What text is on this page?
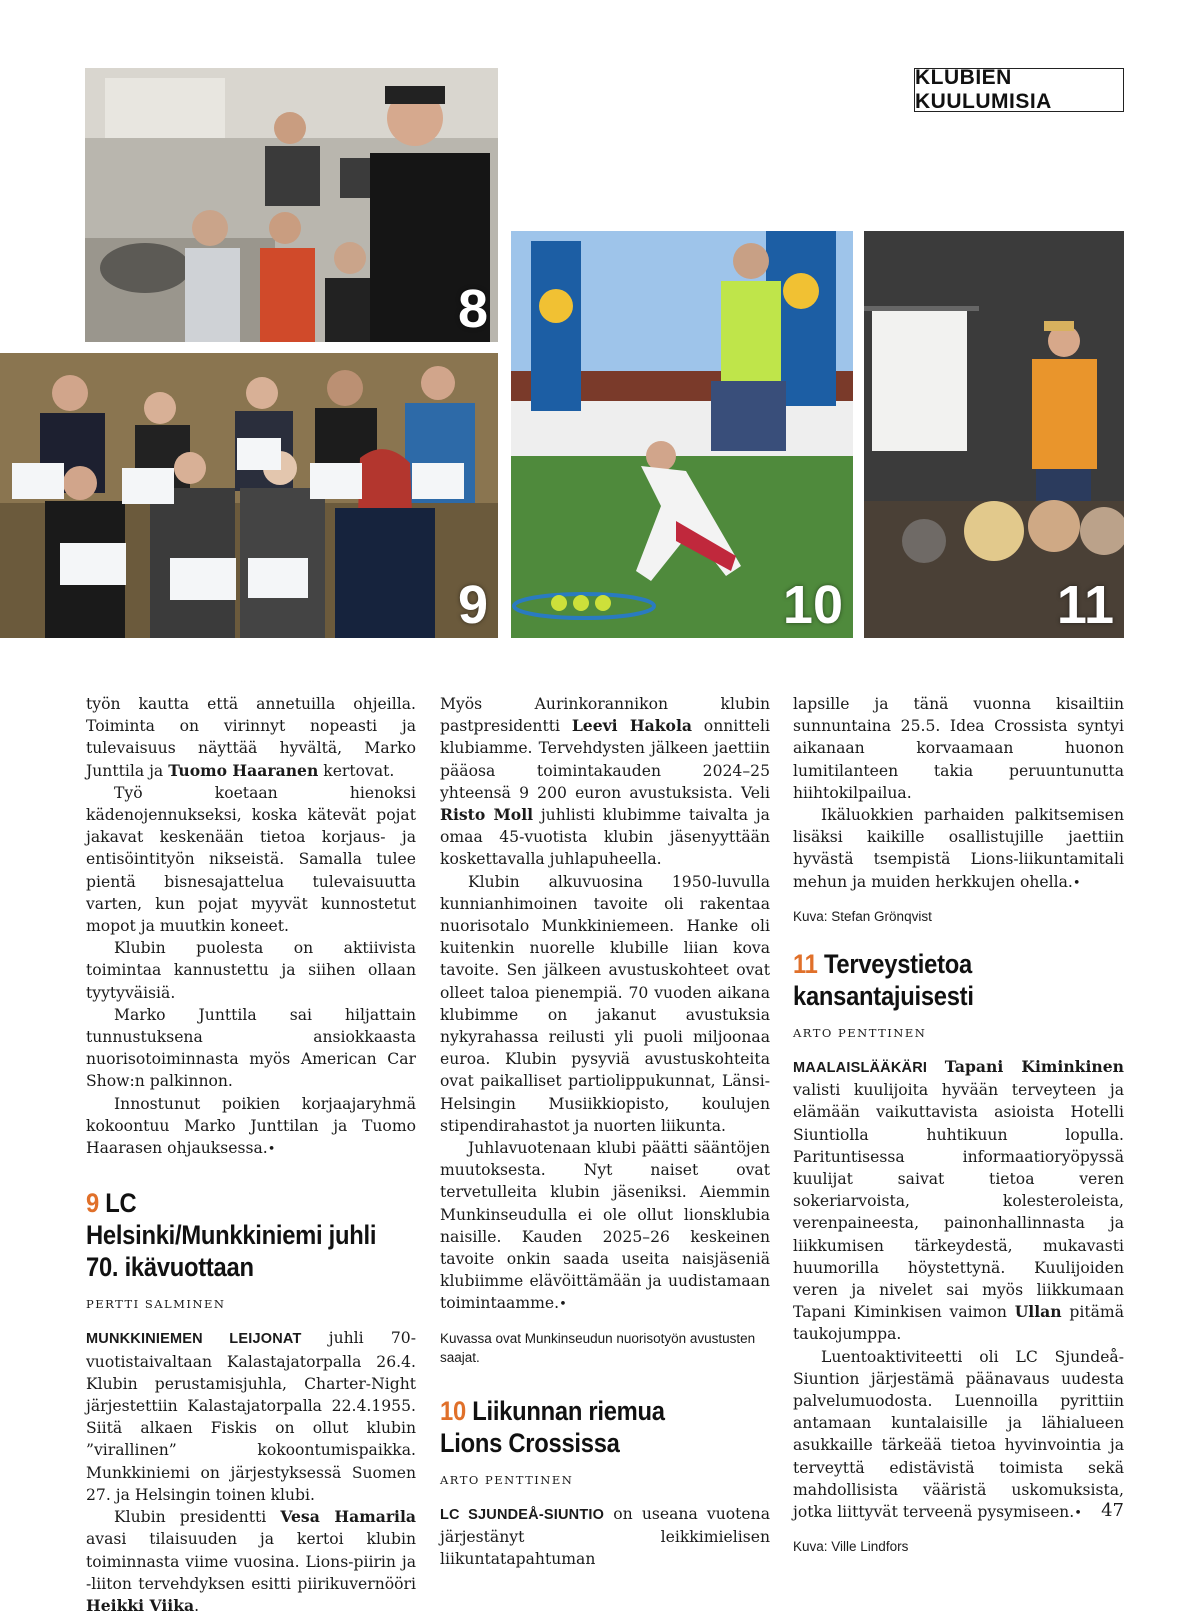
KLUBIEN KUULUMISIA
8
9	10	11

työn kautta että annetuilla ohjeilla. Toiminta on virinnyt nopeasti ja tulevaisuus näyttää hyvältä, Marko Junttila ja Tuomo Haaranen kertovat.

Työ koetaan hienoksi kädenojennukseksi, koska kätevät pojat jakavat keskenään tietoa korjaus- ja entisöintityön nikseistä. Samalla tulee pientä bisnesajattelua tulevaisuutta varten, kun pojat myyvät kunnostetut mopot ja muutkin koneet.

Klubin puolesta on aktiivista toimintaa kannustettu ja siihen ollaan tyytyväisiä.

Marko Junttila sai hiljattain tunnustuksena ansiokkaasta nuorisotoiminnasta myös American Car Show:n palkinnon.

Innostunut poikien korjaajaryhmä kokoontuu Marko Junttilan ja Tuomo Haarasen ohjauksessa.•

9 LC Helsinki/Munkkiniemi juhli 70. ikävuottaan
PERTTI SALMINEN

MUNKKINIEMEN LEIJONAT juhli 70-vuotistaivaltaan Kalastajatorpalla 26.4. Klubin perustamisjuhla, Charter-Night järjestettiin Kalastajatorpalla 22.4.1955. Siitä alkaen Fiskis on ollut klubin ”virallinen” kokoontumispaikka. Munkkiniemi on järjestyksessä Suomen 27. ja Helsingin toinen klubi.

Klubin presidentti Vesa Hamarila avasi tilaisuuden ja kertoi klubin toiminnasta viime vuosina. Lions-piirin ja -liiton tervehdyksen esitti piirikuvernööri Heikki Viika.

Myös Aurinkorannikon klubin pastpresidentti Leevi Hakola onnitteli klubiamme. Tervehdysten jälkeen jaettiin pääosa toimintakauden 2024–25 yhteensä 9 200 euron avustuksista. Veli Risto Moll juhlisti klubimme taivalta ja omaa 45-vuotista klubin jäsenyyttään koskettavalla juhlapuheella.

Klubin alkuvuosina 1950-luvulla kunnianhimoinen tavoite oli rakentaa nuorisotalo Munkkiniemeen. Hanke oli kuitenkin nuorelle klubille liian kova tavoite. Sen jälkeen avustuskohteet ovat olleet taloa pienempiä. 70 vuoden aikana klubimme on jakanut avustuksia nykyrahassa reilusti yli puoli miljoonaa euroa. Klubin pysyviä avustuskohteita ovat paikalliset partiolippukunnat, Länsi-Helsingin Musiikkiopisto, koulujen stipendirahastot ja nuorten liikunta.

Juhlavuotenaan klubi päätti sääntöjen muutoksesta. Nyt naiset ovat tervetulleita klubin jäseniksi. Aiemmin Munkinseudulla ei ole ollut lionsklubia naisille. Kauden 2025–26 keskeinen tavoite onkin saada useita naisjäseniä klubiimme elävöittämään ja uudistamaan toimintaamme.•

Kuvassa ovat Munkinseudun nuorisotyön avustusten saajat.

10 Liikunnan riemua Lions Crossissa
ARTO PENTTINEN

LC SJUNDEÅ-SIUNTIO on useana vuotena järjestänyt leikkimielisen liikuntatapahtuman

lapsille ja tänä vuonna kisailtiin sunnuntaina 25.5. Idea Crossista syntyi aikanaan korvaamaan huonon lumitilanteen takia peruuntunutta hiihtokilpailua.

Ikäluokkien parhaiden palkitsemisen lisäksi kaikille osallistujille jaettiin hyvästä tsempistä Lions-liikuntamitali mehun ja muiden herkkujen ohella.•

Kuva: Stefan Grönqvist

11 Terveystietoa kansantajuisesti
ARTO PENTTINEN

MAALAISLÄÄKÄRI Tapani Kiminkinen valisti kuulijoita hyvään terveyteen ja elämään vaikuttavista asioista Hotelli Siuntiolla huhtikuun lopulla. Parituntisessa informaatioryöpyssä kuulijat saivat tietoa veren sokeriarvoista, kolesteroleista, verenpaineesta, painonhallinnasta ja liikkumisen tärkeydestä, mukavasti huumorilla höystettynä. Kuulijoiden veren ja nivelet sai myös liikkumaan Tapani Kiminkisen vaimon Ullan pitämä taukojumppa.

Luentoaktiviteetti oli LC Sjundeå-Siuntion järjestämä päänavaus uudesta palvelumuodosta. Luennoilla pyrittiin antamaan kuntalaisille ja lähialueen asukkaille tärkeää tietoa hyvinvointia ja terveyttä edistävistä toimista sekä mahdollisista vääristä uskomuksista, jotka liittyvät terveenä pysymiseen.•

Kuva: Ville Lindfors

47
